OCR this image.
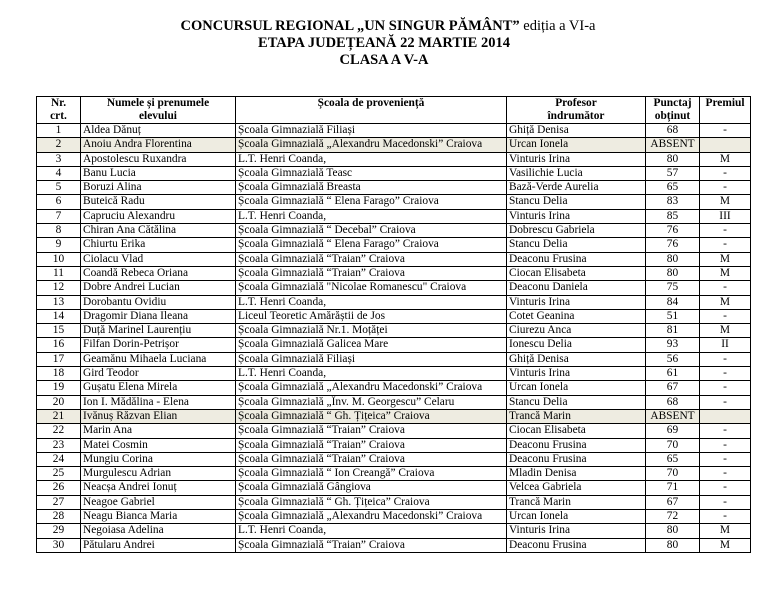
CONCURSUL REGIONAL „UN SINGUR PĂMÂNT” ediția a VI-a
ETAPA JUDEȚEANĂ 22 MARTIE 2014
CLASA A V-A
Nr.	Numele și prenumele	Școala de proveniență	Profesor	Punctaj	Premiul
crt.	elevului		îndrumător	obținut	
1	Aldea Dănuț	Școala Gimnazială Filiași	Ghiță Denisa	68	-
2	Anoiu Andra Florentina	Școala Gimnazială „Alexandru Macedonski” Craiova	Urcan Ionela	ABSENT	
3	Apostolescu Ruxandra	L.T. Henri Coanda,	Vinturis Irina	80	M
4	Banu Lucia	Școala Gimnazială Teasc	Vasilichie Lucia	57	-
5	Boruzi Alina	Școala Gimnazială Breasta	Bază-Verde Aurelia	65	-
6	Buteică Radu	Școala Gimnazială “ Elena Farago” Craiova	Stancu Delia	83	M
7	Capruciu Alexandru	L.T. Henri Coanda,	Vinturis Irina	85	III
8	Chiran Ana Cătălina	Școala Gimnazială “ Decebal” Craiova	Dobrescu Gabriela	76	-
9	Chiurtu Erika	Școala Gimnazială “ Elena Farago” Craiova	Stancu Delia	76	-
10	Ciolacu Vlad	Școala Gimnazială “Traian” Craiova	Deaconu Frusina	80	M
11	Coandă Rebeca Oriana	Școala Gimnazială “Traian” Craiova	Ciocan Elisabeta	80	M
12	Dobre Andrei Lucian	Școala Gimnazială "Nicolae Romanescu" Craiova	Deaconu Daniela	75	-
13	Dorobantu Ovidiu	L.T. Henri Coanda,	Vinturis Irina	84	M
14	Dragomir Diana Ileana	Liceul Teoretic Amărăștii de Jos	Cotet Geanina	51	-
15	Duță Marinel Laurențiu	Școala Gimnazială Nr.1. Moțăței	Ciurezu Anca	81	M
16	Filfan Dorin-Petrișor	Școala Gimnazială Galicea Mare	Ionescu Delia	93	II
17	Geamănu Mihaela Luciana	Școala Gimnazială Filiași	Ghiță Denisa	56	-
18	Gird Teodor	L.T. Henri Coanda,	Vinturis Irina	61	-
19	Gușatu Elena Mirela	Școala Gimnazială „Alexandru Macedonski” Craiova	Urcan Ionela	67	-
20	Ion I. Mădălina - Elena	Școala Gimnazială „Înv. M. Georgescu” Celaru	Stancu Delia	68	-
21	Ivănuș Răzvan Elian	Școala Gimnazială “ Gh. Țițeica” Craiova	Trancă Marin	ABSENT	
22	Marin Ana	Școala Gimnazială “Traian” Craiova	Ciocan Elisabeta	69	-
23	Matei Cosmin	Școala Gimnazială “Traian” Craiova	Deaconu Frusina	70	-
24	Mungiu Corina	Școala Gimnazială “Traian” Craiova	Deaconu Frusina	65	-
25	Murgulescu Adrian	Școala Gimnazială “ Ion Creangă” Craiova	Mladin Denisa	70	-
26	Neacșa Andrei Ionuț	Școala Gimnazială Gângiova	Velcea Gabriela	71	-
27	Neagoe Gabriel	Școala Gimnazială “ Gh. Țițeica” Craiova	Trancă Marin	67	-
28	Neagu Bianca Maria	Școala Gimnazială „Alexandru Macedonski” Craiova	Urcan Ionela	72	-
29	Negoiasa Adelina	L.T. Henri Coanda,	Vinturis Irina	80	M
30	Pătularu Andrei	Școala Gimnazială “Traian” Craiova	Deaconu Frusina	80	M
